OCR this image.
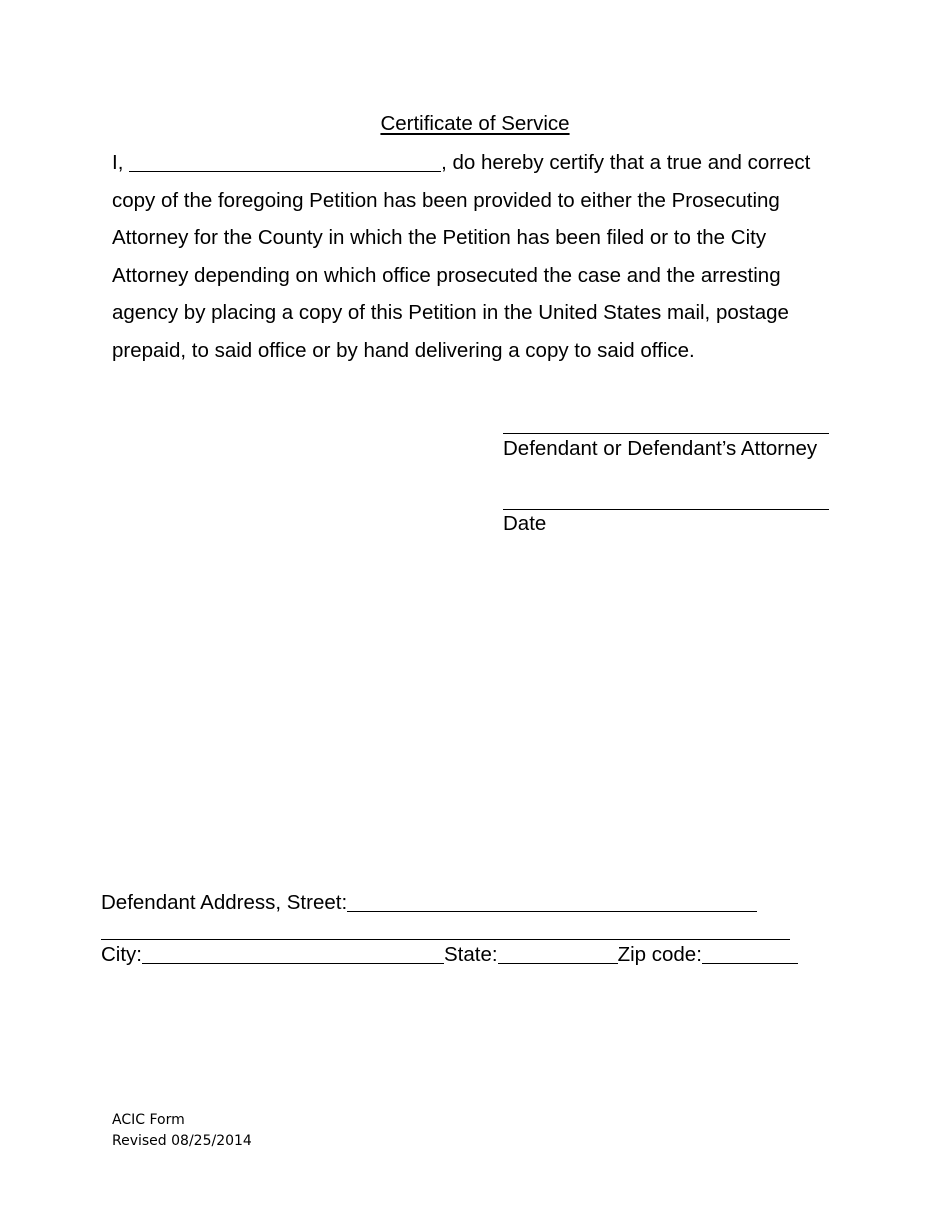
Certificate of Service

I,	, do hereby certify that a true and correct

copy of the foregoing Petition has been provided to either the Prosecuting

Attorney for the County in which the Petition has been filed or to the City

Attorney depending on which office prosecuted the case and the arresting

agency by placing a copy of this Petition in the United States mail, postage

prepaid, to said office or by hand delivering a copy to said office.

Defendant or Defendant’s Attorney
Date
Defendant Address, Street:
City:	State:	Zip code:
ACIC Form
Revised 08/25/2014
